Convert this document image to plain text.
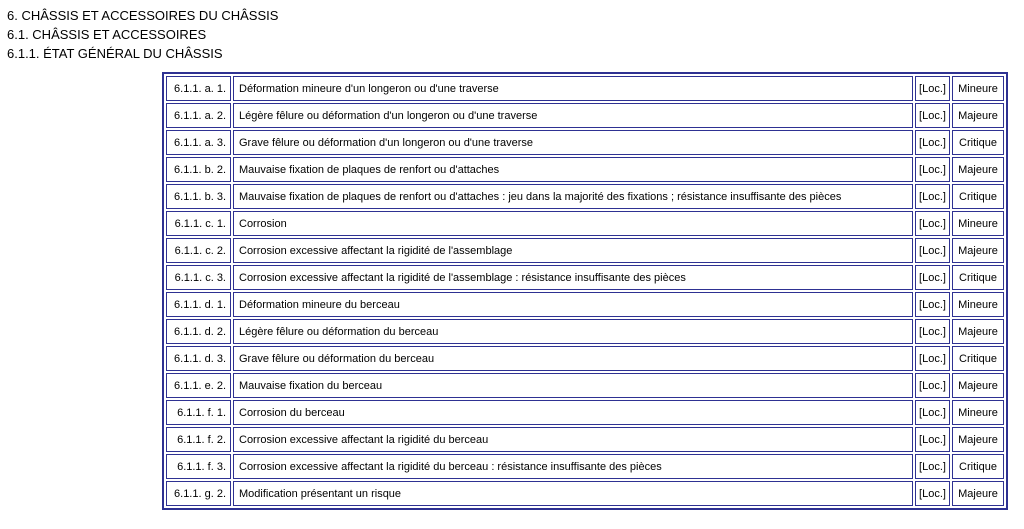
6. CHÂSSIS ET ACCESSOIRES DU CHÂSSIS
6.1. CHÂSSIS ET ACCESSOIRES
6.1.1. ÉTAT GÉNÉRAL DU CHÂSSIS
6.1.1. a. 1.	Déformation mineure d'un longeron ou d'une traverse	[Loc.]	Mineure
6.1.1. a. 2.	Légère fêlure ou déformation d'un longeron ou d'une traverse	[Loc.]	Majeure
6.1.1. a. 3.	Grave fêlure ou déformation d'un longeron ou d'une traverse	[Loc.]	Critique
6.1.1. b. 2.	Mauvaise fixation de plaques de renfort ou d'attaches	[Loc.]	Majeure
6.1.1. b. 3.	Mauvaise fixation de plaques de renfort ou d'attaches : jeu dans la majorité des fixations ; résistance insuffisante des pièces	[Loc.]	Critique
6.1.1. c. 1.	Corrosion	[Loc.]	Mineure
6.1.1. c. 2.	Corrosion excessive affectant la rigidité de l'assemblage	[Loc.]	Majeure
6.1.1. c. 3.	Corrosion excessive affectant la rigidité de l'assemblage : résistance insuffisante des pièces	[Loc.]	Critique
6.1.1. d. 1.	Déformation mineure du berceau	[Loc.]	Mineure
6.1.1. d. 2.	Légère fêlure ou déformation du berceau	[Loc.]	Majeure
6.1.1. d. 3.	Grave fêlure ou déformation du berceau	[Loc.]	Critique
6.1.1. e. 2.	Mauvaise fixation du berceau	[Loc.]	Majeure
6.1.1. f. 1.	Corrosion du berceau	[Loc.]	Mineure
6.1.1. f. 2.	Corrosion excessive affectant la rigidité du berceau	[Loc.]	Majeure
6.1.1. f. 3.	Corrosion excessive affectant la rigidité du berceau : résistance insuffisante des pièces	[Loc.]	Critique
6.1.1. g. 2.	Modification présentant un risque	[Loc.]	Majeure
